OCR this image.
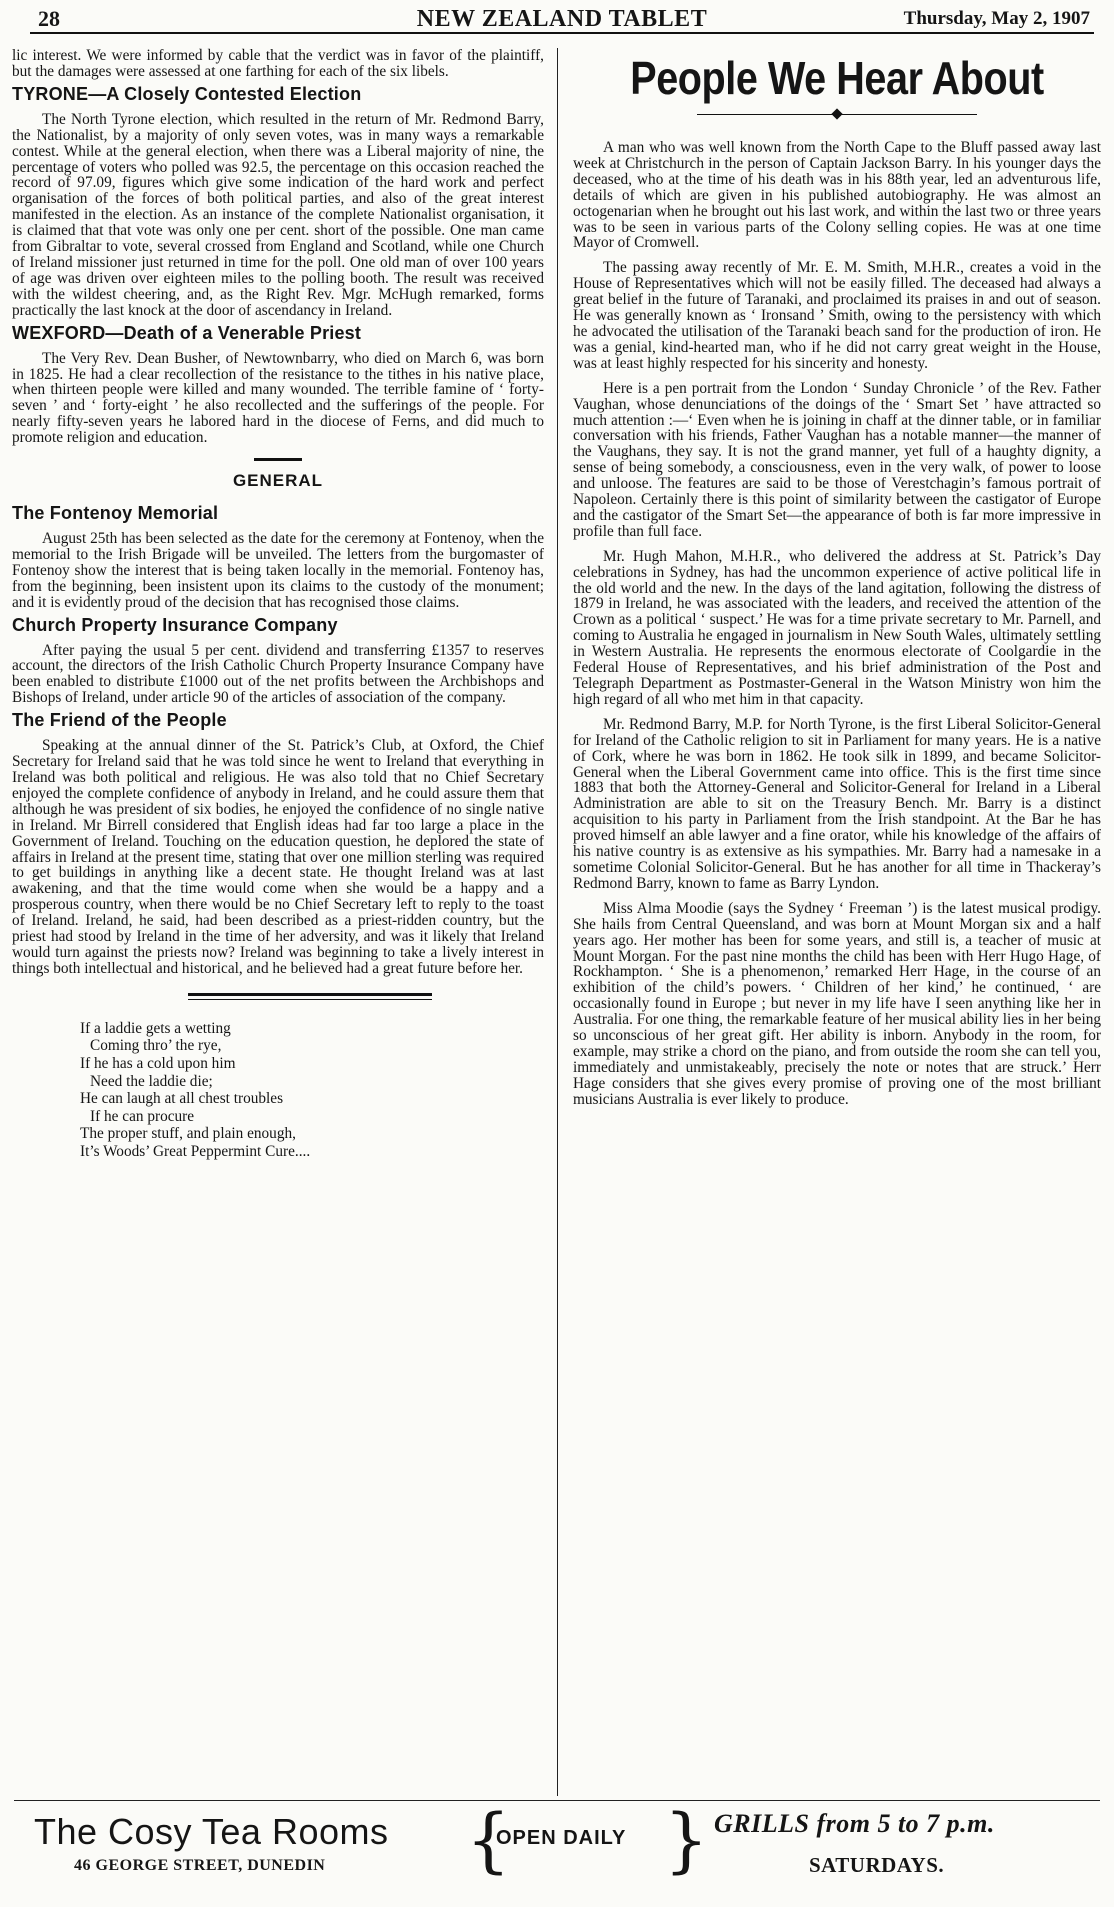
28	NEW ZEALAND TABLET	Thursday, May 2, 1907

lic interest. We were informed by cable that the verdict was in favor of the plaintiff, but the damages were assessed at one farthing for each of the six libels.

TYRONE—A Closely Contested Election

The North Tyrone election, which resulted in the return of Mr. Redmond Barry, the Nationalist, by a majority of only seven votes, was in many ways a remarkable contest. While at the general election, when there was a Liberal majority of nine, the percentage of voters who polled was 92.5, the percentage on this occasion reached the record of 97.09, figures which give some indication of the hard work and perfect organisation of the forces of both political parties, and also of the great interest manifested in the election. As an instance of the complete Nationalist organisation, it is claimed that that vote was only one per cent. short of the possible. One man came from Gibraltar to vote, several crossed from England and Scotland, while one Church of Ireland missioner just returned in time for the poll. One old man of over 100 years of age was driven over eighteen miles to the polling booth. The result was received with the wildest cheering, and, as the Right Rev. Mgr. McHugh remarked, forms practically the last knock at the door of ascendancy in Ireland.

WEXFORD—Death of a Venerable Priest

The Very Rev. Dean Busher, of Newtownbarry, who died on March 6, was born in 1825. He had a clear recollection of the resistance to the tithes in his native place, when thirteen people were killed and many wounded. The terrible famine of ‘ forty-seven ’ and ‘ forty-eight ’ he also recollected and the sufferings of the people. For nearly fifty-seven years he labored hard in the diocese of Ferns, and did much to promote religion and education.

GENERAL
The Fontenoy Memorial

August 25th has been selected as the date for the ceremony at Fontenoy, when the memorial to the Irish Brigade will be unveiled. The letters from the burgomaster of Fontenoy show the interest that is being taken locally in the memorial. Fontenoy has, from the beginning, been insistent upon its claims to the custody of the monument; and it is evidently proud of the decision that has recognised those claims.

Church Property Insurance Company

After paying the usual 5 per cent. dividend and transferring £1357 to reserves account, the directors of the Irish Catholic Church Property Insurance Company have been enabled to distribute £1000 out of the net profits between the Archbishops and Bishops of Ireland, under article 90 of the articles of association of the company.

The Friend of the People

Speaking at the annual dinner of the St. Patrick’s Club, at Oxford, the Chief Secretary for Ireland said that he was told since he went to Ireland that everything in Ireland was both political and religious. He was also told that no Chief Secretary enjoyed the complete confidence of anybody in Ireland, and he could assure them that although he was president of six bodies, he enjoyed the confidence of no single native in Ireland. Mr Birrell considered that English ideas had far too large a place in the Government of Ireland. Touching on the education question, he deplored the state of affairs in Ireland at the present time, stating that over one million sterling was required to get buildings in anything like a decent state. He thought Ireland was at last awakening, and that the time would come when she would be a happy and a prosperous country, when there would be no Chief Secretary left to reply to the toast of Ireland. Ireland, he said, had been described as a priest-ridden country, but the priest had stood by Ireland in the time of her adversity, and was it likely that Ireland would turn against the priests now? Ireland was beginning to take a lively interest in things both intellectual and historical, and he believed had a great future before her.

If a laddie gets a wetting
Coming thro’ the rye,
If he has a cold upon him
Need the laddie die;
He can laugh at all chest troubles
If he can procure
The proper stuff, and plain enough,
It’s Woods’ Great Peppermint Cure....
People We Hear About

A man who was well known from the North Cape to the Bluff passed away last week at Christchurch in the person of Captain Jackson Barry. In his younger days the deceased, who at the time of his death was in his 88th year, led an adventurous life, details of which are given in his published autobiography. He was almost an octogenarian when he brought out his last work, and within the last two or three years was to be seen in various parts of the Colony selling copies. He was at one time Mayor of Cromwell.

The passing away recently of Mr. E. M. Smith, M.H.R., creates a void in the House of Representatives which will not be easily filled. The deceased had always a great belief in the future of Taranaki, and proclaimed its praises in and out of season. He was generally known as ‘ Ironsand ’ Smith, owing to the persistency with which he advocated the utilisation of the Taranaki beach sand for the production of iron. He was a genial, kind-hearted man, who if he did not carry great weight in the House, was at least highly respected for his sincerity and honesty.

Here is a pen portrait from the London ‘ Sunday Chronicle ’ of the Rev. Father Vaughan, whose denunciations of the doings of the ‘ Smart Set ’ have attracted so much attention :—‘ Even when he is joining in chaff at the dinner table, or in familiar conversation with his friends, Father Vaughan has a notable manner—the manner of the Vaughans, they say. It is not the grand manner, yet full of a haughty dignity, a sense of being somebody, a consciousness, even in the very walk, of power to loose and unloose. The features are said to be those of Verestchagin’s famous portrait of Napoleon. Certainly there is this point of similarity between the castigator of Europe and the castigator of the Smart Set—the appearance of both is far more impressive in profile than full face.

Mr. Hugh Mahon, M.H.R., who delivered the address at St. Patrick’s Day celebrations in Sydney, has had the uncommon experience of active political life in the old world and the new. In the days of the land agitation, following the distress of 1879 in Ireland, he was associated with the leaders, and received the attention of the Crown as a political ‘ suspect.’ He was for a time private secretary to Mr. Parnell, and coming to Australia he engaged in journalism in New South Wales, ultimately settling in Western Australia. He represents the enormous electorate of Coolgardie in the Federal House of Representatives, and his brief administration of the Post and Telegraph Department as Postmaster-General in the Watson Ministry won him the high regard of all who met him in that capacity.

Mr. Redmond Barry, M.P. for North Tyrone, is the first Liberal Solicitor-General for Ireland of the Catholic religion to sit in Parliament for many years. He is a native of Cork, where he was born in 1862. He took silk in 1899, and became Solicitor-General when the Liberal Government came into office. This is the first time since 1883 that both the Attorney-General and Solicitor-General for Ireland in a Liberal Administration are able to sit on the Treasury Bench. Mr. Barry is a distinct acquisition to his party in Parliament from the Irish standpoint. At the Bar he has proved himself an able lawyer and a fine orator, while his knowledge of the affairs of his native country is as extensive as his sympathies. Mr. Barry had a namesake in a sometime Colonial Solicitor-General. But he has another for all time in Thackeray’s Redmond Barry, known to fame as Barry Lyndon.

Miss Alma Moodie (says the Sydney ‘ Freeman ’) is the latest musical prodigy. She hails from Central Queensland, and was born at Mount Morgan six and a half years ago. Her mother has been for some years, and still is, a teacher of music at Mount Morgan. For the past nine months the child has been with Herr Hugo Hage, of Rockhampton. ‘ She is a phenomenon,’ remarked Herr Hage, in the course of an exhibition of the child’s powers. ‘ Children of her kind,’ he continued, ‘ are occasionally found in Europe ; but never in my life have I seen anything like her in Australia. For one thing, the remarkable feature of her musical ability lies in her being so unconscious of her great gift. Her ability is inborn. Anybody in the room, for example, may strike a chord on the piano, and from outside the room she can tell you, immediately and unmistakeably, precisely the note or notes that are struck.’ Herr Hage considers that she gives every promise of proving one of the most brilliant musicians Australia is ever likely to produce.

The Cosy Tea Rooms
46 GEORGE STREET, DUNEDIN {
OPEN DAILY } GRILLS from 5 to 7 p.m.
SATURDAYS.
